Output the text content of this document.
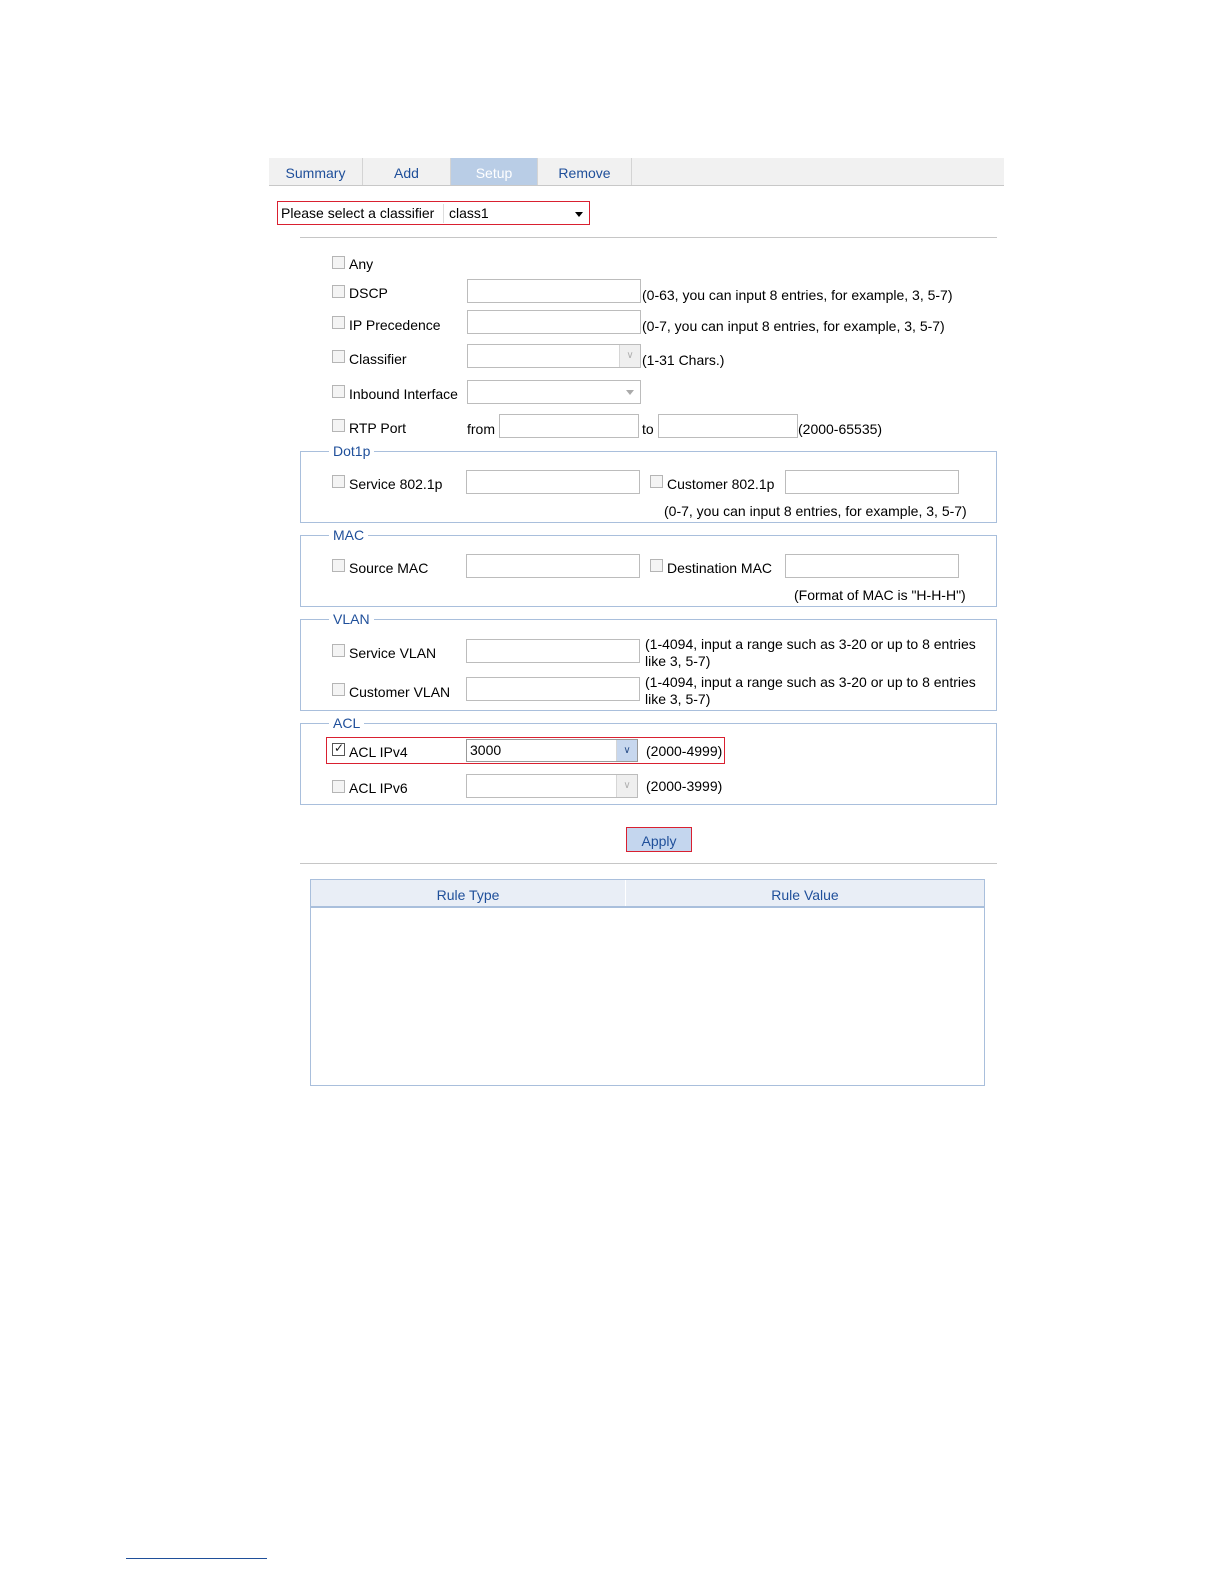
Summary	Add	Setup	Remove
Please select a classifier class1
Any
DSCP	(0-63, you can input 8 entries, for example, 3, 5-7)
IP Precedence	(0-7, you can input 8 entries, for example, 3, 5-7)
Classifier	∨ (1-31 Chars.)
Inbound Interface
RTP Port	from	to	(2000-65535)
Dot1p
Service 802.1p	Customer 802.1p
(0-7, you can input 8 entries, for example, 3, 5-7)
MAC
Source MAC	Destination MAC
(Format of MAC is "H-H-H")
VLAN
Service VLAN
(1-4094, input a range such as 3-20 or up to 8 entries
like 3, 5-7)
Customer VLAN
(1-4094, input a range such as 3-20 or up to 8 entries
like 3, 5-7)
ACL
✓
ACL IPv4	3000	∨	(2000-4999)
ACL IPv6	∨	(2000-3999)
Apply
Rule Type	Rule Value
